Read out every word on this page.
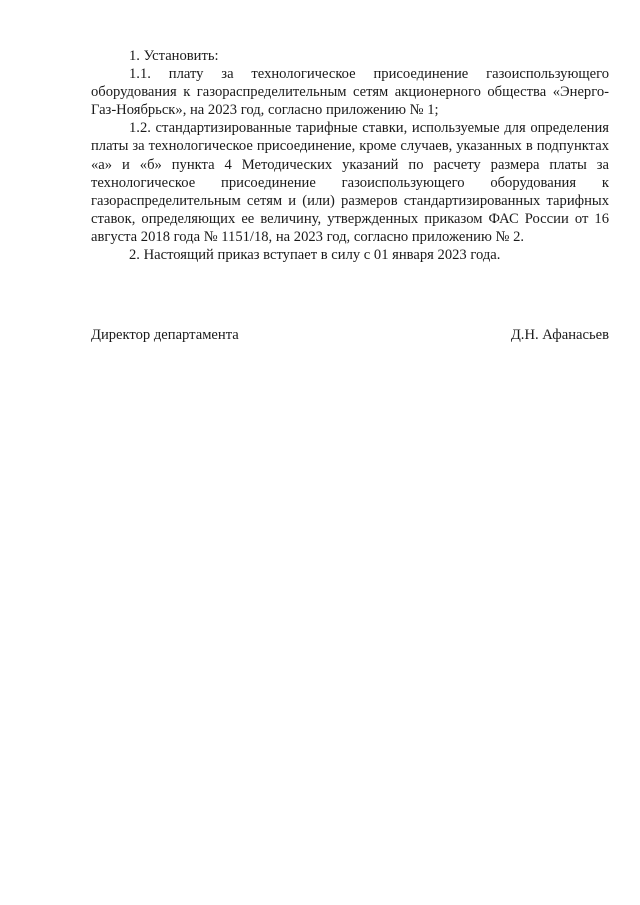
1. Установить:

1.1. плату за технологическое присоединение газоиспользующего оборудования к газораспределительным сетям акционерного общества «Энерго-Газ-Ноябрьск», на 2023 год, согласно приложению № 1;

1.2. стандартизированные тарифные ставки, используемые для определения платы за технологическое присоединение, кроме случаев, указанных в подпунктах «а» и «б» пункта 4 Методических указаний по расчету размера платы за технологическое присоединение газоиспользующего оборудования к газораспределительным сетям и (или) размеров стандартизированных тарифных ставок, определяющих ее величину, утвержденных приказом ФАС России от 16 августа 2018 года № 1151/18, на 2023 год, согласно приложению № 2.

2. Настоящий приказ вступает в силу с 01 января 2023 года.

Директор департамента	Д.Н. Афанасьев
